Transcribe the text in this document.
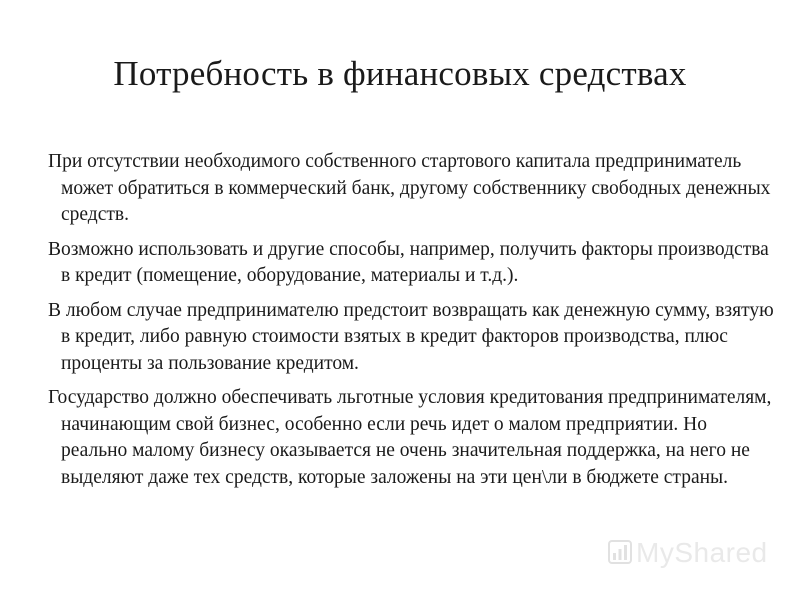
Потребность в финансовых средствах

При отсутствии необходимого собственного стартового капитала предприниматель может обратиться в коммерческий банк, другому собственнику свободных денежных средств.

Возможно использовать и другие способы, например, получить факторы производства в кредит (помещение, оборудование, материалы и т.д.).

В любом случае предпринимателю предстоит возвращать как денежную сумму, взятую в кредит, либо равную стоимости взятых в кредит факторов производства, плюс проценты за пользование кредитом.

Государство должно обеспечивать льготные условия кредитования предпринимателям, начинающим свой бизнес, особенно если речь идет о малом предприятии. Но реально малому бизнесу оказывается не очень значительная поддержка, на него не выделяют даже тех средств, которые заложены на эти цен\ли в бюджете страны.

MyShared
